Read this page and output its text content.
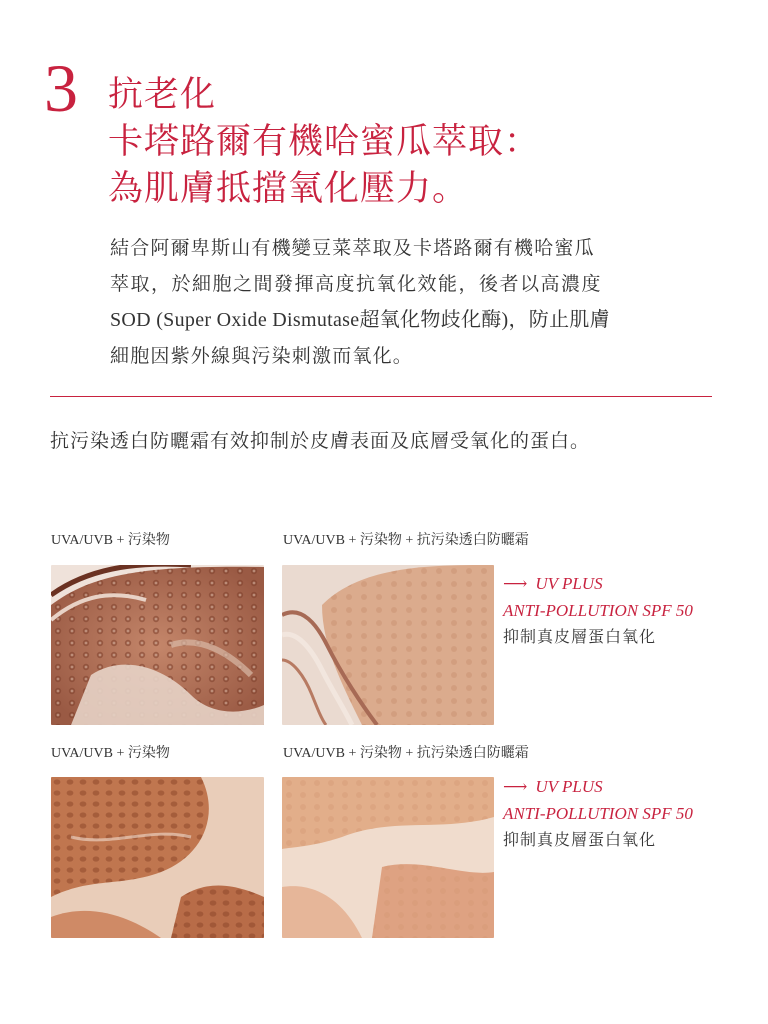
3 抗老化
卡塔路爾有機哈蜜瓜萃取：
為肌膚抵擋氧化壓力。
結合阿爾卑斯山有機變豆菜萃取及卡塔路爾有機哈蜜瓜
萃取，於細胞之間發揮高度抗氧化效能，後者以高濃度
SOD (Super Oxide Dismutase超氧化物歧化酶)，防止肌膚
細胞因紫外線與污染刺激而氧化。
抗污染透白防曬霜有效抑制於皮膚表面及底層受氧化的蛋白。
UVA/UVB + 污染物	UVA/UVB + 污染物 + 抗污染透白防曬霜
⟶ UV PLUS
ANTI-POLLUTION SPF 50
抑制真皮層蛋白氧化
UVA/UVB + 污染物	UVA/UVB + 污染物 + 抗污染透白防曬霜
⟶ UV PLUS
ANTI-POLLUTION SPF 50
抑制真皮層蛋白氧化
